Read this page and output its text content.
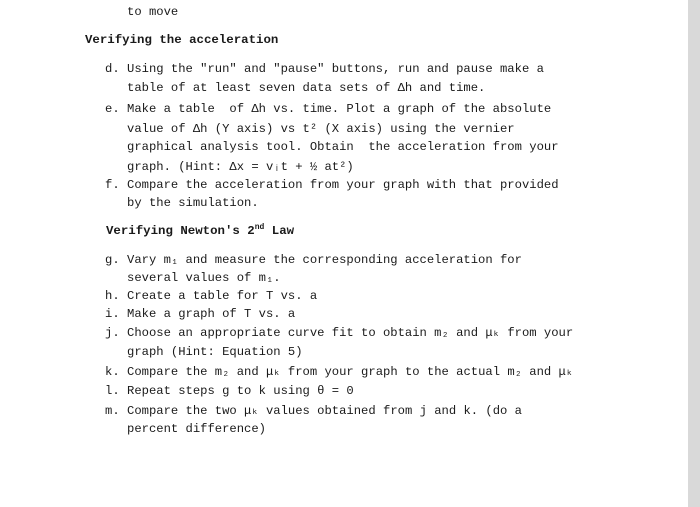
to move
Verifying the acceleration
d. Using the "run" and "pause" buttons, run and pause make a
table of at least seven data sets of Δh and time.
e. Make a table  of Δh vs. time. Plot a graph of the absolute
value of Δh (Y axis) vs t² (X axis) using the vernier
graphical analysis tool. Obtain  the acceleration from your
graph. (Hint: Δx = vᵢt + ½ at²)
f. Compare the acceleration from your graph with that provided
by the simulation.
Verifying Newton's 2nd Law
g. Vary m₁ and measure the corresponding acceleration for
several values of m₁.
h. Create a table for T vs. a
i. Make a graph of T vs. a
j. Choose an appropriate curve fit to obtain m₂ and μₖ from your
graph (Hint: Equation 5)
k. Compare the m₂ and μₖ from your graph to the actual m₂ and μₖ
l. Repeat steps g to k using θ = 0
m. Compare the two μₖ values obtained from j and k. (do a
percent difference)
